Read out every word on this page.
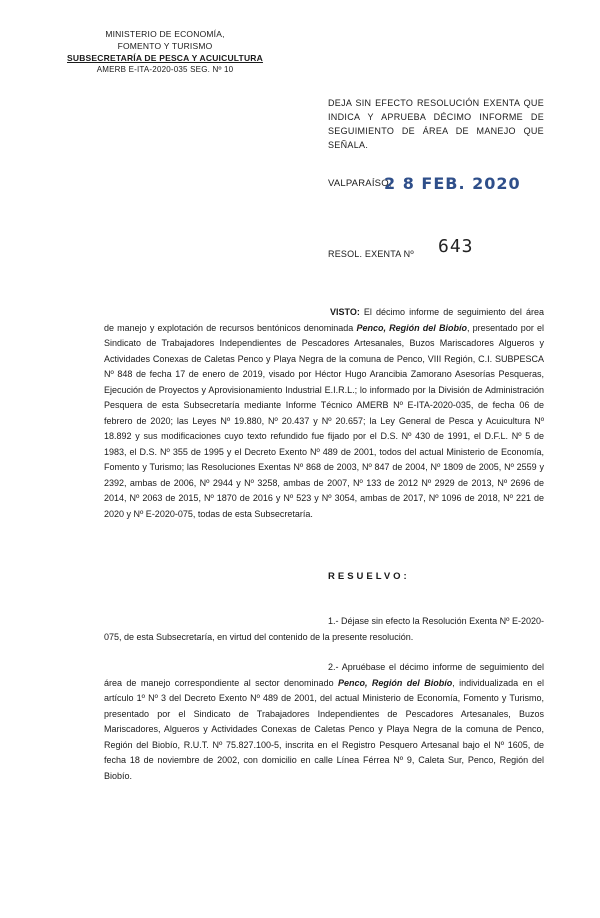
MINISTERIO DE ECONOMÍA,
FOMENTO Y TURISMO
SUBSECRETARÍA DE PESCA Y ACUICULTURA
AMERB E-ITA-2020-035 SEG. Nº 10
DEJA SIN EFECTO RESOLUCIÓN EXENTA QUE INDICA Y APRUEBA DÉCIMO INFORME DE SEGUIMIENTO DE ÁREA DE MANEJO QUE SEÑALA.
VALPARAÍSO,
2 8 FEB. 2020
RESOL. EXENTA Nº 643
VISTO: El décimo informe de seguimiento del área de manejo y explotación de recursos bentónicos denominada Penco, Región del Biobío, presentado por el Sindicato de Trabajadores Independientes de Pescadores Artesanales, Buzos Mariscadores Algueros y Actividades Conexas de Caletas Penco y Playa Negra de la comuna de Penco, VIII Región, C.I. SUBPESCA Nº 848 de fecha 17 de enero de 2019, visado por Héctor Hugo Arancibia Zamorano Asesorías Pesqueras, Ejecución de Proyectos y Aprovisionamiento Industrial E.I.R.L.; lo informado por la División de Administración Pesquera de esta Subsecretaría mediante Informe Técnico AMERB Nº E-ITA-2020-035, de fecha 06 de febrero de 2020; las Leyes Nº 19.880, Nº 20.437 y Nº 20.657; la Ley General de Pesca y Acuicultura Nº 18.892 y sus modificaciones cuyo texto refundido fue fijado por el D.S. Nº 430 de 1991, el D.F.L. Nº 5 de 1983, el D.S. Nº 355 de 1995 y el Decreto Exento Nº 489 de 2001, todos del actual Ministerio de Economía, Fomento y Turismo; las Resoluciones Exentas Nº 868 de 2003, Nº 847 de 2004, Nº 1809 de 2005, Nº 2559 y 2392, ambas de 2006, Nº 2944 y Nº 3258, ambas de 2007, Nº 133 de 2012 Nº 2929 de 2013, Nº 2696 de 2014, Nº 2063 de 2015, Nº 1870 de 2016 y Nº 523 y Nº 3054, ambas de 2017, Nº 1096 de 2018, Nº 221 de 2020 y Nº E-2020-075, todas de esta Subsecretaría.
RESUELVO:
1.- Déjase sin efecto la Resolución Exenta Nº E-2020-075, de esta Subsecretaría, en virtud del contenido de la presente resolución.
2.- Apruébase el décimo informe de seguimiento del área de manejo correspondiente al sector denominado Penco, Región del Biobío, individualizada en el artículo 1º Nº 3 del Decreto Exento Nº 489 de 2001, del actual Ministerio de Economía, Fomento y Turismo, presentado por el Sindicato de Trabajadores Independientes de Pescadores Artesanales, Buzos Mariscadores, Algueros y Actividades Conexas de Caletas Penco y Playa Negra de la comuna de Penco, Región del Biobío, R.U.T. Nº 75.827.100-5, inscrita en el Registro Pesquero Artesanal bajo el Nº 1605, de fecha 18 de noviembre de 2002, con domicilio en calle Línea Férrea Nº 9, Caleta Sur, Penco, Región del Biobío.
